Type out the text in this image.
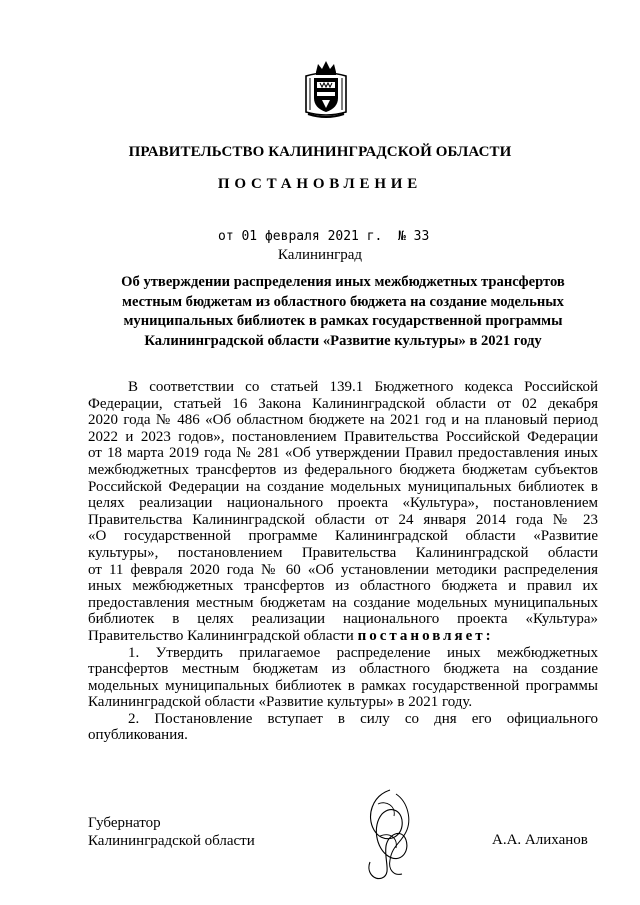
ПРАВИТЕЛЬСТВО КАЛИНИНГРАДСКОЙ ОБЛАСТИ
ПОСТАНОВЛЕНИЕ
от 01 февраля 2021 г.  № 33
Калининград
Об утверждении распределения иных межбюджетных трансфертов
местным бюджетам из областного бюджета на создание модельных
муниципальных библиотек в рамках государственной программы
Калининградской области «Развитие культуры» в 2021 году
В соответствии со статьей 139.1 Бюджетного кодекса Российской
Федерации, статьей 16 Закона Калининградской области от 02 декабря
2020 года № 486 «Об областном бюджете на 2021 год и на плановый период
2022 и 2023 годов», постановлением Правительства Российской Федерации
от 18 марта 2019 года № 281 «Об утверждении Правил предоставления иных
межбюджетных трансфертов из федерального бюджета бюджетам субъектов
Российской Федерации на создание модельных муниципальных библиотек в
целях реализации национального проекта «Культура», постановлением
Правительства Калининградской области от 24 января 2014 года № 23
«О государственной программе Калининградской области «Развитие
культуры», постановлением Правительства Калининградской области
от 11 февраля 2020 года № 60 «Об установлении методики распределения
иных межбюджетных трансфертов из областного бюджета и правил их
предоставления местным бюджетам на создание модельных муниципальных
библиотек в целях реализации национального проекта «Культура»
Правительство Калининградской области постановляет:
1. Утвердить прилагаемое распределение иных межбюджетных
трансфертов местным бюджетам из областного бюджета на создание
модельных муниципальных библиотек в рамках государственной программы
Калининградской области «Развитие культуры» в 2021 году.
2. Постановление вступает в силу со дня его официального
опубликования.
Губернатор
Калининградской области	А.А. Алиханов
